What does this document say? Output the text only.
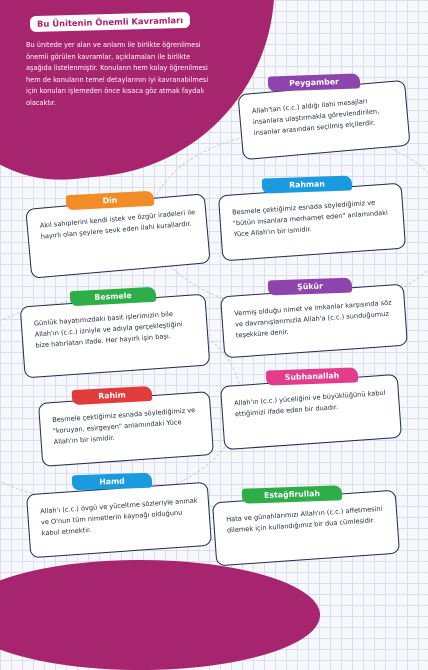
Bu Ünitenin Önemli Kavramları

Bu ünitede yer alan ve anlamı ile birlikte öğrenilmesi önemli görülen kavramlar, açıklamaları ile birlikte aşağıda listelenmiştir. Konuların hem kolay öğrenilmesi hem de konuların temel detaylarının iyi kavranabilmesi için konuları işlemeden önce kısaca göz atmak faydalı olacaktır.	Allah'tan (c.c.) aldığı ilahi mesajları insanlara ulaştırmakla görevlendirilen, insanlar arasından seçilmiş elçilerdir.

Peygamber

Akıl sahiplerini kendi istek ve özgür iradeleri ile hayırlı olan şeylere sevk eden ilahi kurallardır.

Din	Besmele çektiğimiz esnada söylediğimiz ve "bütün insanlara merhamet eden" anlamındaki Yüce Allah'ın bir ismidir.

Rahman

Günlük hayatımızdaki basit işlerimizin bile Allah'ın (c.c.) izniyle ve adıyla gerçekleştiğini bize hatırlatan ifade. Her hayırlı işin başı.

Besmele

Vermiş olduğu nimet ve imkanlar karşısında söz ve davranışlarımızla Allah'a (c.c.) sunduğumuz teşekküre denir.

Şükür

Besmele çektiğimiz esnada söylediğimiz ve "koruyan, esirgeyen" anlamındaki Yüce Allah'ın bir ismidir.

Rahim	Allah'ın (c.c.) yüceliğini ve büyüklüğünü kabul ettiğimizi ifade eden bir duadır.

Subhanallah

Allah'ı (c.c.) övgü ve yüceltme sözleriyle anmak ve O'nun tüm nimetlerin kaynağı olduğunu kabul etmektir.

Hamd

Hata ve günahlarımızı Allah'ın (c.c.) affetmesini dilemek için kullandığımız bir dua cümlesidir.

Estağfirullah
